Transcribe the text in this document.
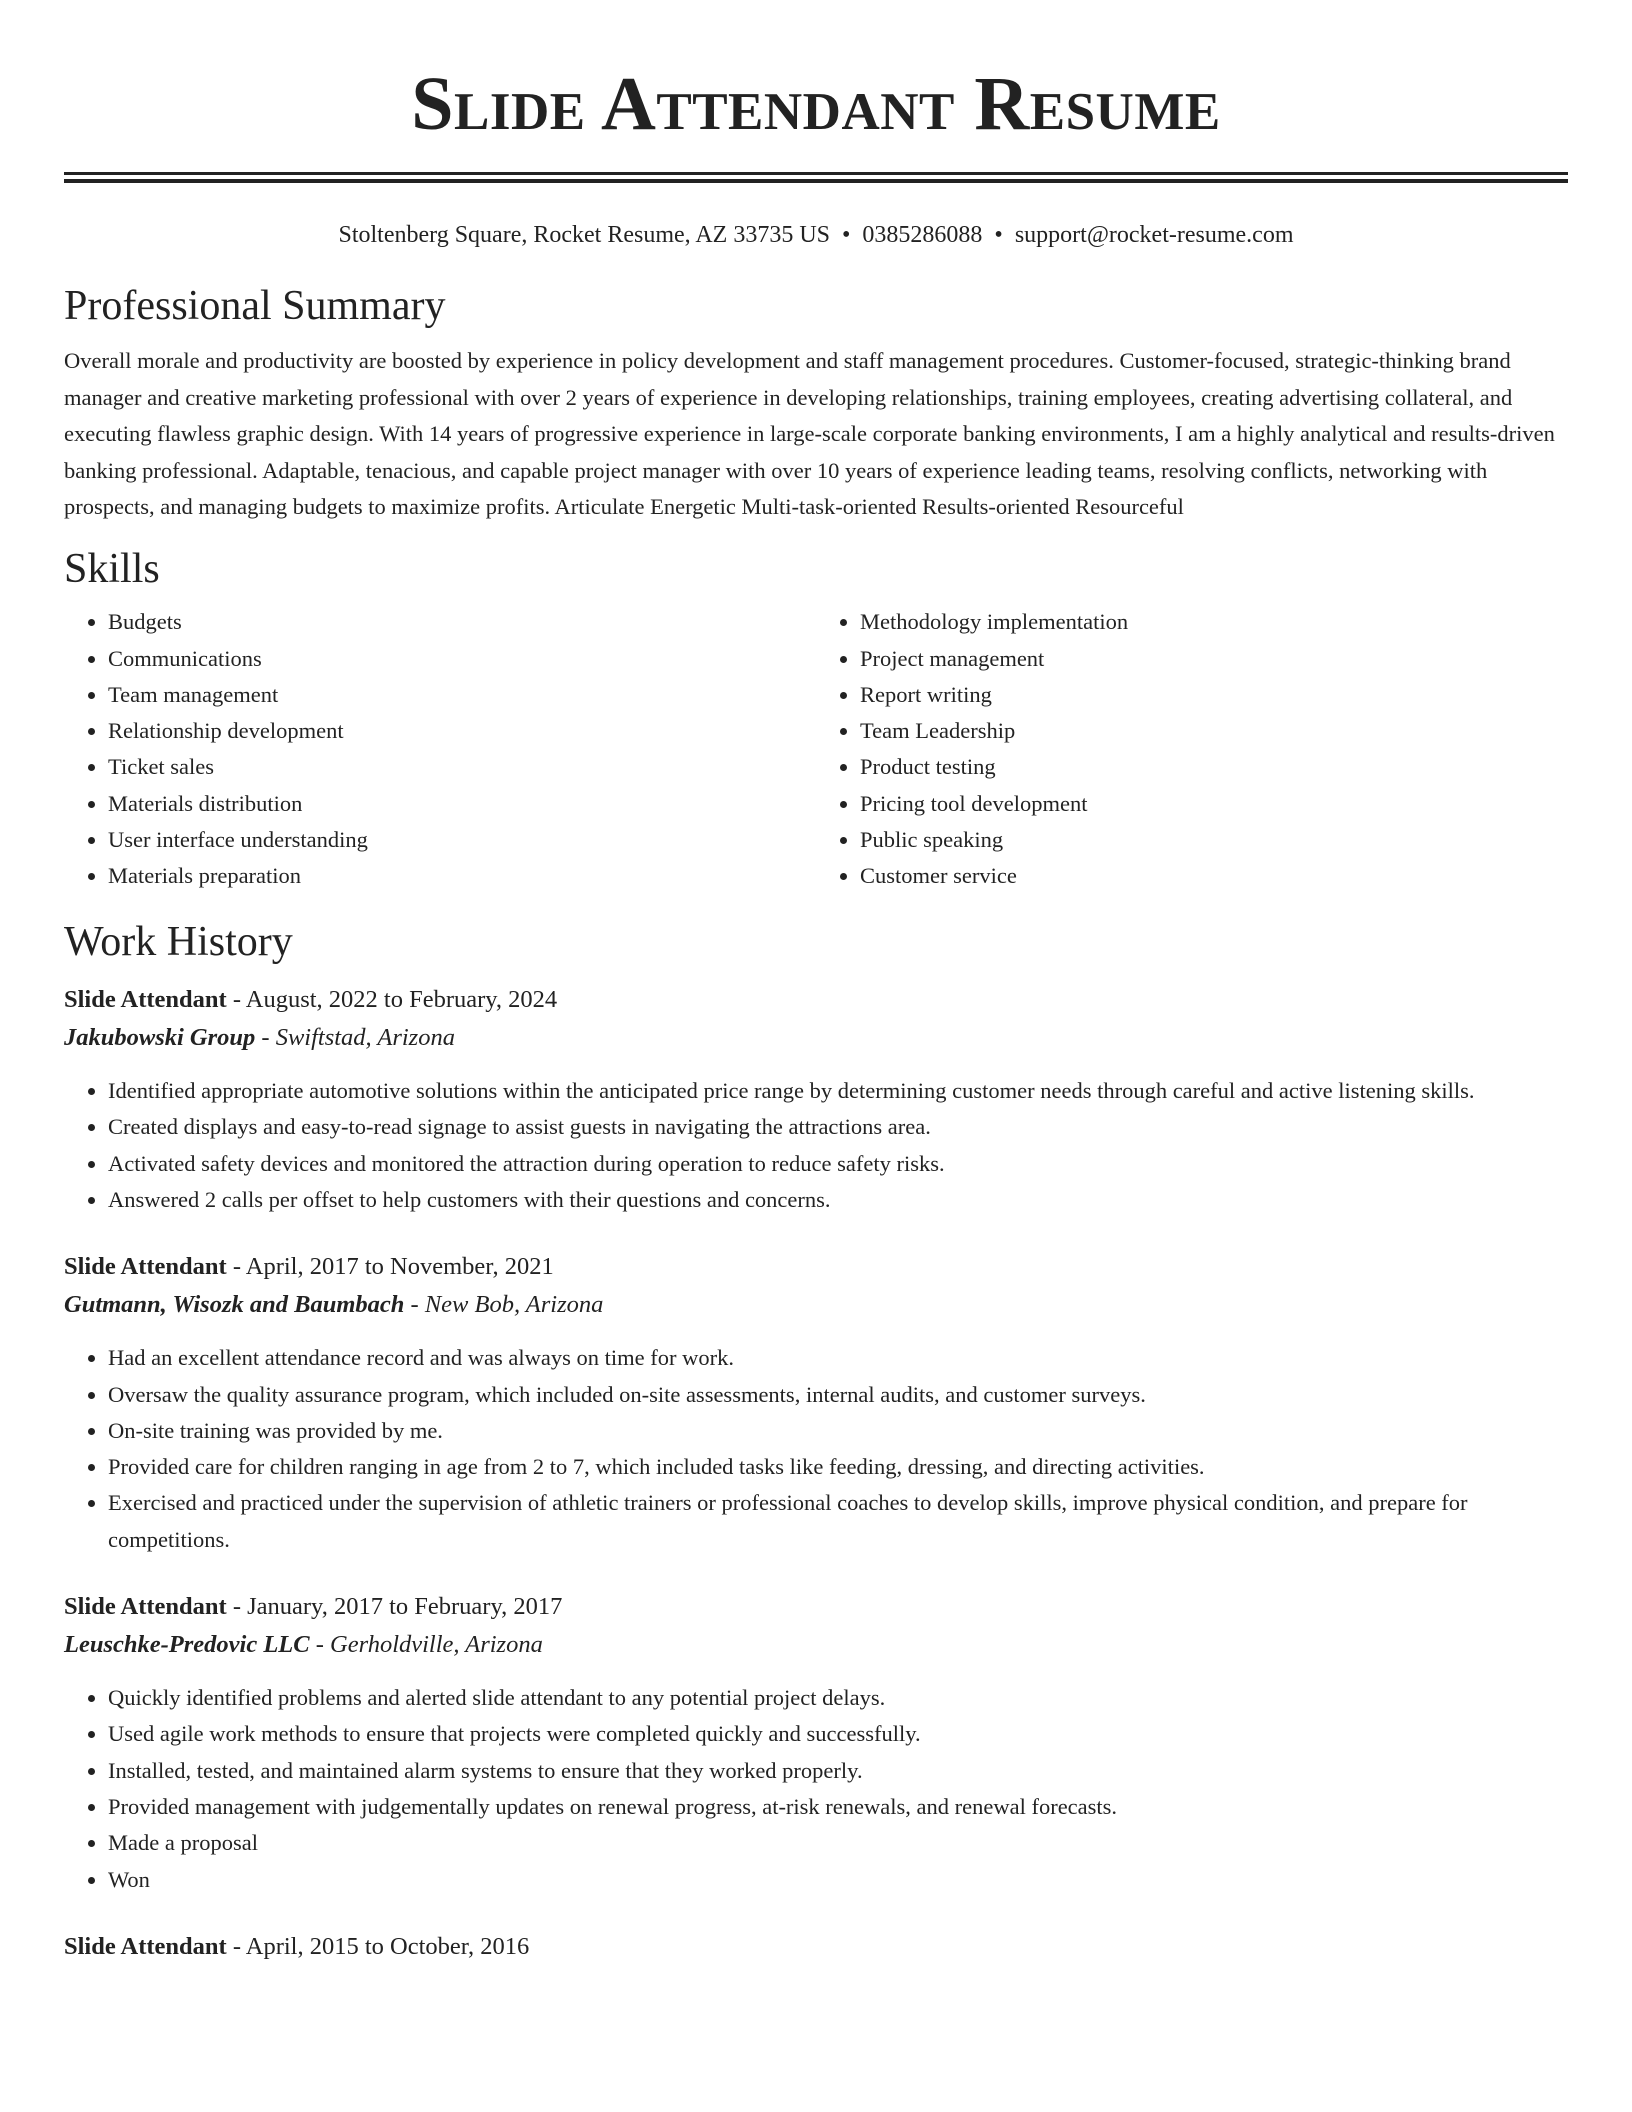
Slide Attendant Resume
Stoltenberg Square, Rocket Resume, AZ 33735 US • 0385286088 • support@rocket-resume.com
Professional Summary

Overall morale and productivity are boosted by experience in policy development and staff management procedures. Customer-focused, strategic-thinking brand manager and creative marketing professional with over 2 years of experience in developing relationships, training employees, creating advertising collateral, and executing flawless graphic design. With 14 years of progressive experience in large-scale corporate banking environments, I am a highly analytical and results-driven banking professional. Adaptable, tenacious, and capable project manager with over 10 years of experience leading teams, resolving conflicts, networking with prospects, and managing budgets to maximize profits. Articulate Energetic Multi-task-oriented Results-oriented Resourceful

Skills
• Budgets
• Communications
• Team management
• Relationship development
• Ticket sales
• Materials distribution
• User interface understanding
• Materials preparation
• Methodology implementation
• Project management
• Report writing
• Team Leadership
• Product testing
• Pricing tool development
• Public speaking
• Customer service
Work History
Slide Attendant - August, 2022 to February, 2024
Jakubowski Group - Swiftstad, Arizona
• Identified appropriate automotive solutions within the anticipated price range by determining customer needs through careful and active listening skills.
• Created displays and easy-to-read signage to assist guests in navigating the attractions area.
• Activated safety devices and monitored the attraction during operation to reduce safety risks.
• Answered 2 calls per offset to help customers with their questions and concerns.
Slide Attendant - April, 2017 to November, 2021
Gutmann, Wisozk and Baumbach - New Bob, Arizona
• Had an excellent attendance record and was always on time for work.
• Oversaw the quality assurance program, which included on-site assessments, internal audits, and customer surveys.
• On-site training was provided by me.
• Provided care for children ranging in age from 2 to 7, which included tasks like feeding, dressing, and directing activities.
• Exercised and practiced under the supervision of athletic trainers or professional coaches to develop skills, improve physical condition, and prepare for competitions.
Slide Attendant - January, 2017 to February, 2017
Leuschke-Predovic LLC - Gerholdville, Arizona
• Quickly identified problems and alerted slide attendant to any potential project delays.
• Used agile work methods to ensure that projects were completed quickly and successfully.
• Installed, tested, and maintained alarm systems to ensure that they worked properly.
• Provided management with judgementally updates on renewal progress, at-risk renewals, and renewal forecasts.
• Made a proposal
• Won
Slide Attendant - April, 2015 to October, 2016
